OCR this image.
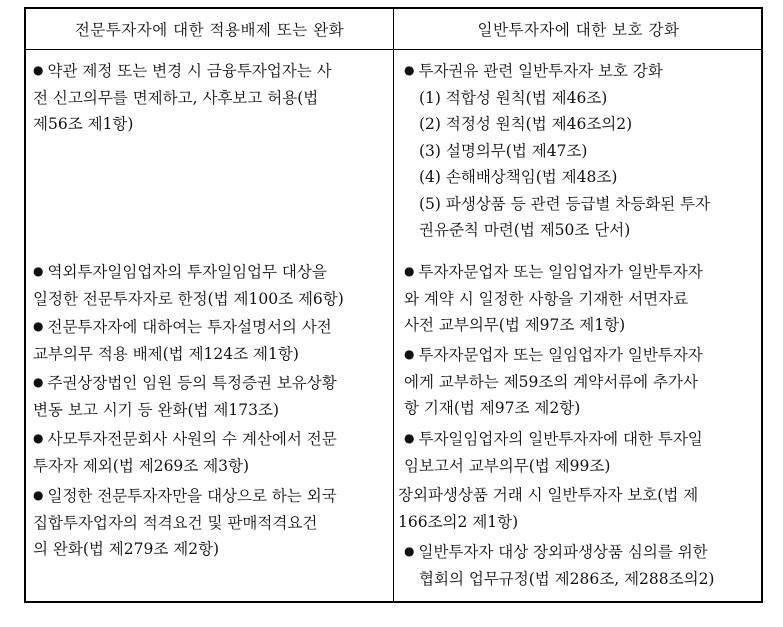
전문투자자에 대한 적용배제 또는 완화	일반투자자에 대한 보호 강화
● 약관 제정 또는 변경 시 금융투자업자는 사
전 신고의무를 면제하고, 사후보고 허용(법
제56조 제1항)
● 역외투자일임업자의 투자일임업무 대상을
일정한 전문투자자로 한정(법 제100조 제6항)
● 전문투자자에 대하여는 투자설명서의 사전
교부의무 적용 배제(법 제124조 제1항)
● 주권상장법인 임원 등의 특정증권 보유상황
변동 보고 시기 등 완화(법 제173조)
● 사모투자전문회사 사원의 수 계산에서 전문
투자자 제외(법 제269조 제3항)
● 일정한 전문투자자만을 대상으로 하는 외국
집합투자업자의 적격요건 및 판매적격요건
의 완화(법 제279조 제2항)
● 투자권유 관련 일반투자자 보호 강화
(1) 적합성 원칙(법 제46조)
(2) 적정성 원칙(법 제46조의2)
(3) 설명의무(법 제47조)
(4) 손해배상책임(법 제48조)
(5) 파생상품 등 관련 등급별 차등화된 투자
권유준칙 마련(법 제50조 단서)
● 투자자문업자 또는 일임업자가 일반투자자
와 계약 시 일정한 사항을 기재한 서면자료
사전 교부의무(법 제97조 제1항)
● 투자자문업자 또는 일임업자가 일반투자자
에게 교부하는 제59조의 계약서류에 추가사
항 기재(법 제97조 제2항)
● 투자일임업자의 일반투자자에 대한 투자일
임보고서 교부의무(법 제99조)
장외파생상품 거래 시 일반투자자 보호(법 제
166조의2 제1항)
● 일반투자자 대상 장외파생상품 심의를 위한
협회의 업무규정(법 제286조, 제288조의2)
